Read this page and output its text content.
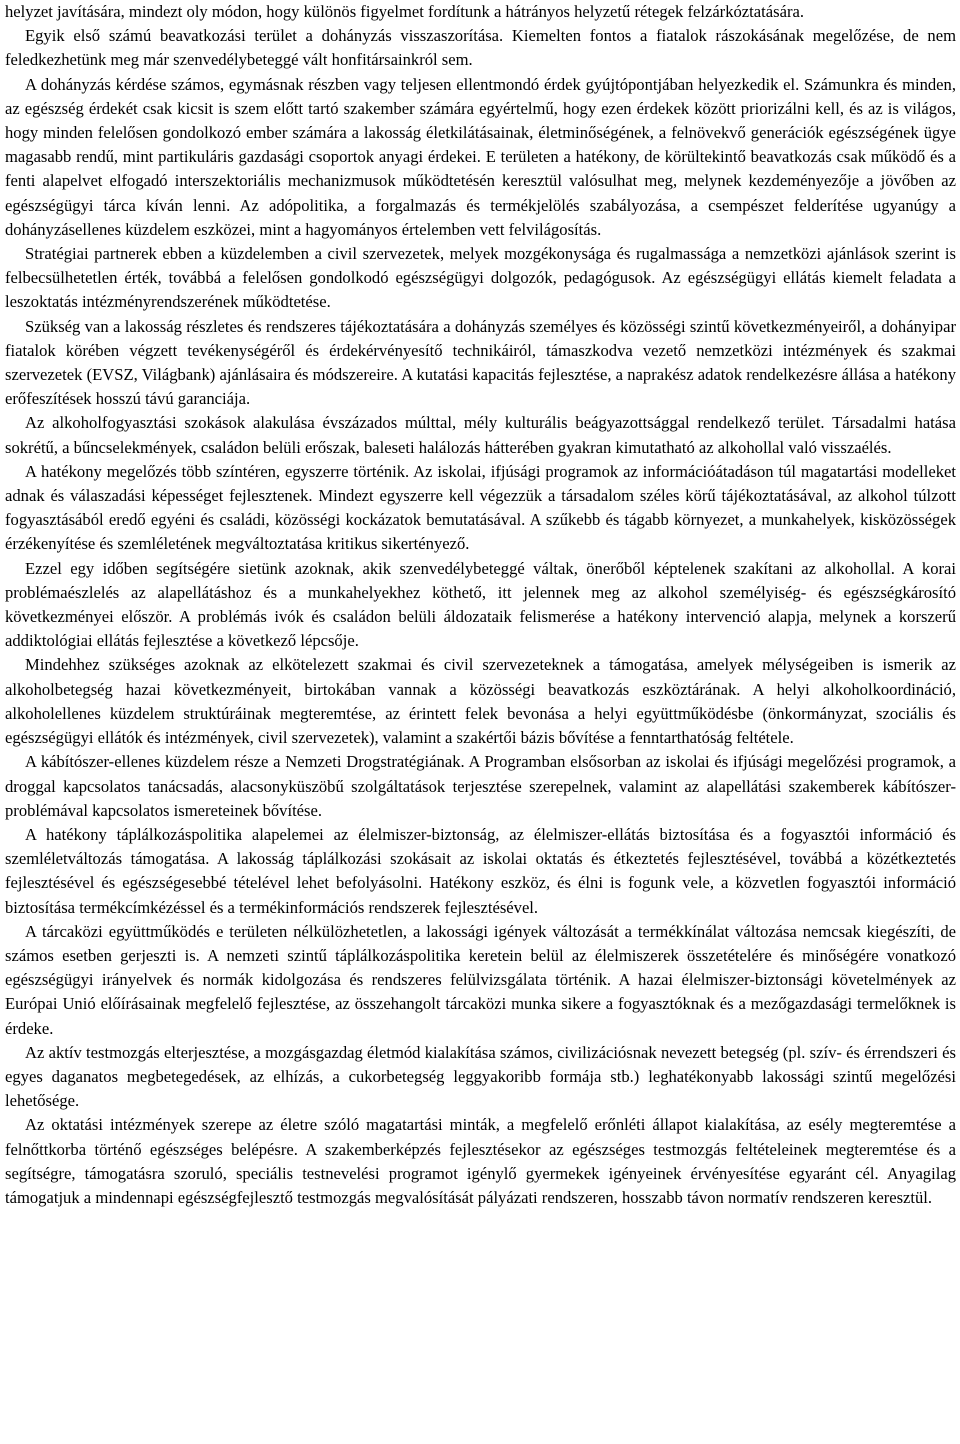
helyzet javítására, mindezt oly módon, hogy különös figyelmet fordítunk a hátrányos helyzetű rétegek felzárkóztatására.

Egyik első számú beavatkozási terület a dohányzás visszaszorítása. Kiemelten fontos a fiatalok rászokásának megelőzése, de nem feledkezhetünk meg már szenvedélybeteggé vált honfitársainkról sem.

A dohányzás kérdése számos, egymásnak részben vagy teljesen ellentmondó érdek gyújtópontjában helyezkedik el. Számunkra és minden, az egészség érdekét csak kicsit is szem előtt tartó szakember számára egyértelmű, hogy ezen érdekek között priorizálni kell, és az is világos, hogy minden felelősen gondolkozó ember számára a lakosság életkilátásainak, életminőségének, a felnövekvő generációk egészségének ügye magasabb rendű, mint partikuláris gazdasági csoportok anyagi érdekei. E területen a hatékony, de körültekintő beavatkozás csak működő és a fenti alapelvet elfogadó interszektoriális mechanizmusok működtetésén keresztül valósulhat meg, melynek kezdeményezője a jövőben az egészségügyi tárca kíván lenni. Az adópolitika, a forgalmazás és termékjelölés szabályozása, a csempészet felderítése ugyanúgy a dohányzásellenes küzdelem eszközei, mint a hagyományos értelemben vett felvilágosítás.

Stratégiai partnerek ebben a küzdelemben a civil szervezetek, melyek mozgékonysága és rugalmassága a nemzetközi ajánlások szerint is felbecsülhetetlen érték, továbbá a felelősen gondolkodó egészségügyi dolgozók, pedagógusok. Az egészségügyi ellátás kiemelt feladata a leszoktatás intézményrendszerének működtetése.

Szükség van a lakosság részletes és rendszeres tájékoztatására a dohányzás személyes és közösségi szintű következményeiről, a dohányipar fiatalok körében végzett tevékenységéről és érdekérvényesítő technikáiról, támaszkodva vezető nemzetközi intézmények és szakmai szervezetek (EVSZ, Világbank) ajánlásaira és módszereire. A kutatási kapacitás fejlesztése, a naprakész adatok rendelkezésre állása a hatékony erőfeszítések hosszú távú garanciája.

Az alkoholfogyasztási szokások alakulása évszázados múlttal, mély kulturális beágyazottsággal rendelkező terület. Társadalmi hatása sokrétű, a bűncselekmények, családon belüli erőszak, baleseti halálozás hátterében gyakran kimutatható az alkohollal való visszaélés.

A hatékony megelőzés több színtéren, egyszerre történik. Az iskolai, ifjúsági programok az információátadáson túl magatartási modelleket adnak és válaszadási képességet fejlesztenek. Mindezt egyszerre kell végezzük a társadalom széles körű tájékoztatásával, az alkohol túlzott fogyasztásából eredő egyéni és családi, közösségi kockázatok bemutatásával. A szűkebb és tágabb környezet, a munkahelyek, kisközösségek érzékenyítése és szemléletének megváltoztatása kritikus sikertényező.

Ezzel egy időben segítségére sietünk azoknak, akik szenvedélybeteggé váltak, önerőből képtelenek szakítani az alkohollal. A korai problémaészlelés az alapellátáshoz és a munkahelyekhez köthető, itt jelennek meg az alkohol személyiség- és egészségkárosító következményei először. A problémás ivók és családon belüli áldozataik felismerése a hatékony intervenció alapja, melynek a korszerű addiktológiai ellátás fejlesztése a következő lépcsője.

Mindehhez szükséges azoknak az elkötelezett szakmai és civil szervezeteknek a támogatása, amelyek mélységeiben is ismerik az alkoholbetegség hazai következményeit, birtokában vannak a közösségi beavatkozás eszköztárának. A helyi alkoholkoordináció, alkoholellenes küzdelem struktúráinak megteremtése, az érintett felek bevonása a helyi együttműködésbe (önkormányzat, szociális és egészségügyi ellátók és intézmények, civil szervezetek), valamint a szakértői bázis bővítése a fenntarthatóság feltétele.

A kábítószer-ellenes küzdelem része a Nemzeti Drogstratégiának. A Programban elsősorban az iskolai és ifjúsági megelőzési programok, a droggal kapcsolatos tanácsadás, alacsonyküszöbű szolgáltatások terjesztése szerepelnek, valamint az alapellátási szakemberek kábítószer-problémával kapcsolatos ismereteinek bővítése.

A hatékony táplálkozáspolitika alapelemei az élelmiszer-biztonság, az élelmiszer-ellátás biztosítása és a fogyasztói információ és szemléletváltozás támogatása. A lakosság táplálkozási szokásait az iskolai oktatás és étkeztetés fejlesztésével, továbbá a közétkeztetés fejlesztésével és egészségesebbé tételével lehet befolyásolni. Hatékony eszköz, és élni is fogunk vele, a közvetlen fogyasztói információ biztosítása termékcímkézéssel és a termékinformációs rendszerek fejlesztésével.

A tárcaközi együttműködés e területen nélkülözhetetlen, a lakossági igények változását a termékkínálat változása nemcsak kiegészíti, de számos esetben gerjeszti is. A nemzeti szintű táplálkozáspolitika keretein belül az élelmiszerek összetételére és minőségére vonatkozó egészségügyi irányelvek és normák kidolgozása és rendszeres felülvizsgálata történik. A hazai élelmiszer-biztonsági követelmények az Európai Unió előírásainak megfelelő fejlesztése, az összehangolt tárcaközi munka sikere a fogyasztóknak és a mezőgazdasági termelőknek is érdeke.

Az aktív testmozgás elterjesztése, a mozgásgazdag életmód kialakítása számos, civilizációsnak nevezett betegség (pl. szív- és érrendszeri és egyes daganatos megbetegedések, az elhízás, a cukorbetegség leggyakoribb formája stb.) leghatékonyabb lakossági szintű megelőzési lehetősége.

Az oktatási intézmények szerepe az életre szóló magatartási minták, a megfelelő erőnléti állapot kialakítása, az esély megteremtése a felnőttkorba történő egészséges belépésre. A szakemberképzés fejlesztésekor az egészséges testmozgás feltételeinek megteremtése és a segítségre, támogatásra szoruló, speciális testnevelési programot igénylő gyermekek igényeinek érvényesítése egyaránt cél. Anyagilag támogatjuk a mindennapi egészségfejlesztő testmozgás megvalósítását pályázati rendszeren, hosszabb távon normatív rendszeren keresztül.
